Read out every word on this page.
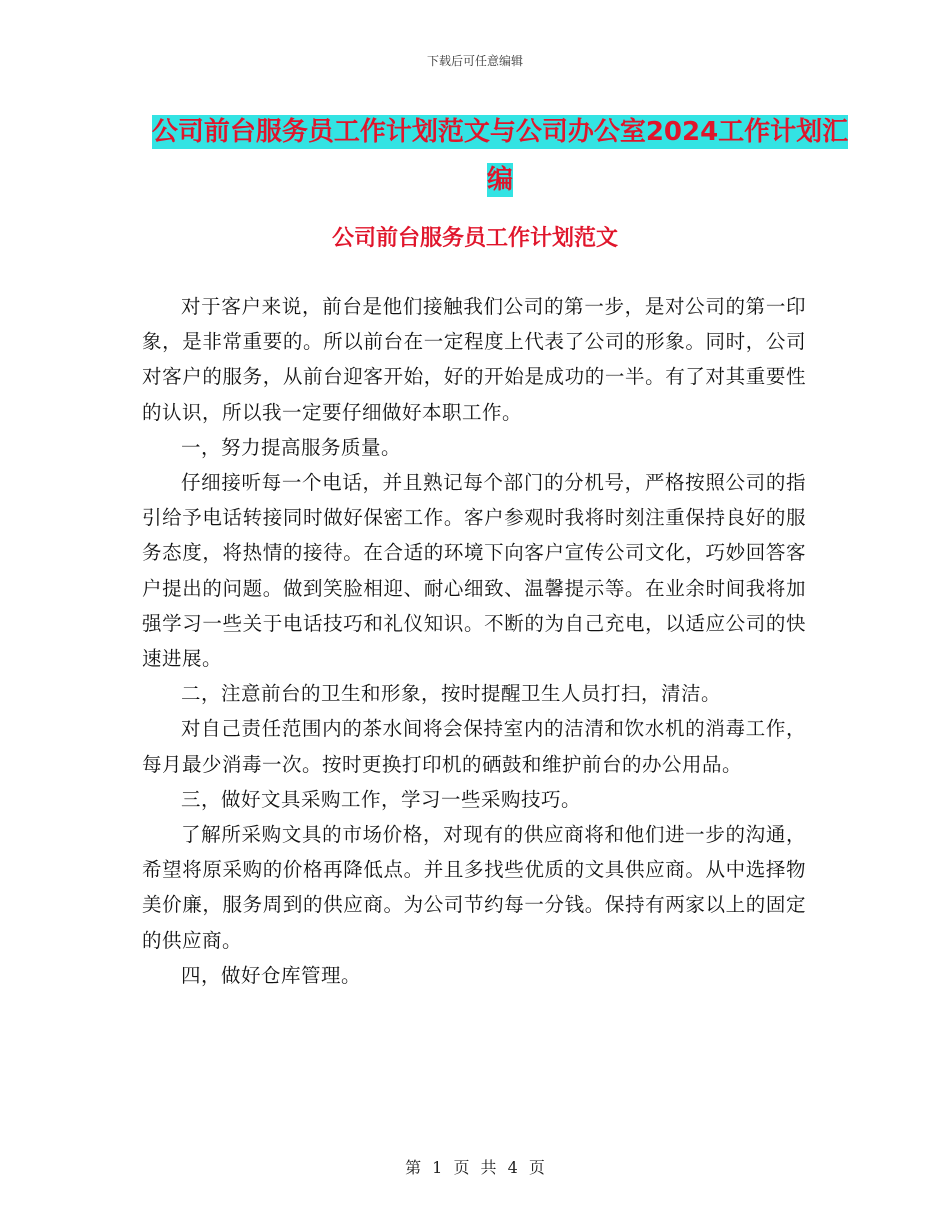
下载后可任意编辑
公司前台服务员工作计划范文与公司办公室2024工作计划汇编
公司前台服务员工作计划范文

对于客户来说，前台是他们接触我们公司的第一步，是对公司的第一印象，是非常重要的。所以前台在一定程度上代表了公司的形象。同时，公司对客户的服务，从前台迎客开始，好的开始是成功的一半。有了对其重要性的认识，所以我一定要仔细做好本职工作。

一，努力提高服务质量。

仔细接听每一个电话，并且熟记每个部门的分机号，严格按照公司的指引给予电话转接同时做好保密工作。客户参观时我将时刻注重保持良好的服务态度，将热情的接待。在合适的环境下向客户宣传公司文化，巧妙回答客户提出的问题。做到笑脸相迎、耐心细致、温馨提示等。在业余时间我将加强学习一些关于电话技巧和礼仪知识。不断的为自己充电，以适应公司的快速进展。

二，注意前台的卫生和形象，按时提醒卫生人员打扫，清洁。

对自己责任范围内的茶水间将会保持室内的洁清和饮水机的消毒工作，每月最少消毒一次。按时更换打印机的硒鼓和维护前台的办公用品。

三，做好文具采购工作，学习一些采购技巧。

了解所采购文具的市场价格，对现有的供应商将和他们进一步的沟通，希望将原采购的价格再降低点。并且多找些优质的文具供应商。从中选择物美价廉，服务周到的供应商。为公司节约每一分钱。保持有两家以上的固定的供应商。

四，做好仓库管理。

第 1 页 共 4 页
